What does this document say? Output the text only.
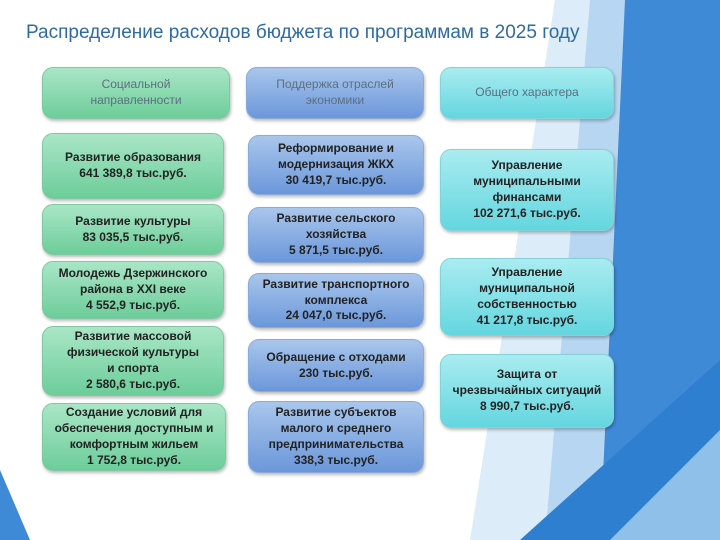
Распределение расходов бюджета по программам в 2025 году
Социальной
направленности
Поддержка отраслей
экономики
Общего характера
Развитие образования
641 389,8 тыс.руб.
Развитие культуры
83 035,5 тыс.руб.
Молодежь Дзержинского
района в XXI веке
4 552,9 тыс.руб.
Развитие массовой
физической культуры
и спорта
2 580,6 тыс.руб.
Создание условий для
обеспечения доступным и
комфортным жильем
1 752,8 тыс.руб.
Реформирование и
модернизация ЖКХ
30 419,7 тыс.руб.
Развитие сельского
хозяйства
5 871,5 тыс.руб.
Развитие транспортного
комплекса
24 047,0 тыс.руб.
Обращение с отходами
230 тыс.руб.
Развитие субъектов
малого и среднего
предпринимательства
338,3 тыс.руб.
Управление
муниципальными
финансами
102 271,6 тыс.руб.
Управление
муниципальной
собственностью
41 217,8 тыс.руб.
Защита от
чрезвычайных ситуаций
8 990,7 тыс.руб.
